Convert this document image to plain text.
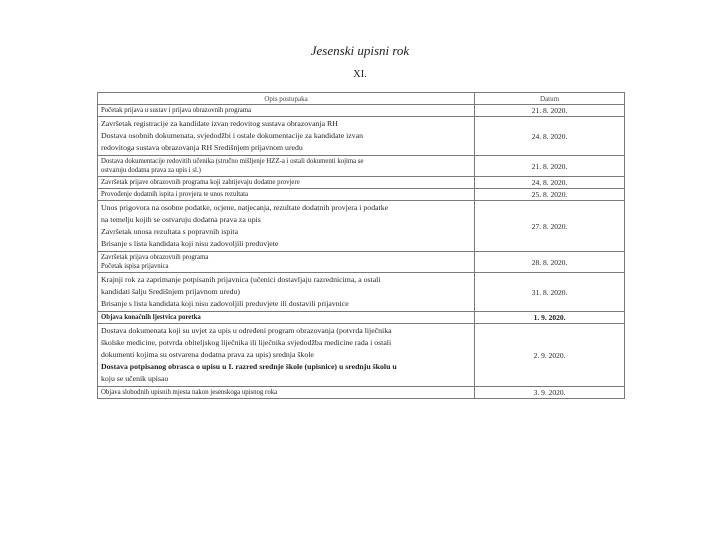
Jesenski upisni rok
XI.
Opis postupaka	Datum

Početak prijava u sustav i prijava obrazovnih programa	21. 8. 2020.

Završetak registracije za kandidate izvan redovitog sustava obrazovanja RH
Dostava osobnih dokumenata, svjedodžbi i ostale dokumentacije za kandidate izvan
redovitoga sustava obrazovanja RH Središnjem prijavnom uredu	24. 8. 2020.

Dostava dokumentacije redovitih učenika (stručno mišljenje HZZ-a i ostali dokumenti kojima se
ostvaruju dodatna prava za upis i sl.)	21. 8. 2020.

Završetak prijave obrazovnih programa koji zahtijevaju dodatne provjere	24. 8. 2020.

Provođenje dodatnih ispita i provjera te unos rezultata	25. 8. 2020.

Unos prigovora na osobne podatke, ocjene, natjecanja, rezultate dodatnih provjera i podatke
na temelju kojih se ostvaruju dodatna prava za upis
Završetak unosa rezultata s popravnih ispita
Brisanje s lista kandidata koji nisu zadovoljili preduvjete	27. 8. 2020.

Završetak prijava obrazovnih programa
Početak ispisa prijavnica	28. 8. 2020.

Krajnji rok za zaprimanje potpisanih prijavnica (učenici dostavljaju razrednicima, a ostali
kandidati šalju Središnjem prijavnom uredu)
Brisanje s lista kandidata koji nisu zadovoljili preduvjete ili dostavili prijavnice	31. 8. 2020.

Objava konačnih ljestvica poretka	1. 9. 2020.

Dostava dokumenata koji su uvjet za upis u određeni program obrazovanja (potvrda liječnika
školske medicine, potvrda obiteljskog liječnika ili liječnika svjedodžba medicine rada i ostali
dokumenti kojima su ostvarena dodatna prava za upis) srednja škole
Dostava potpisanog obrasca o upisu u I. razred srednje škole (upisnice) u srednju školu u
koju se učenik upisao	2. 9. 2020.

Objava slobodnih upisnih mjesta nakon jesenskoga upisnog roka	3. 9. 2020.
